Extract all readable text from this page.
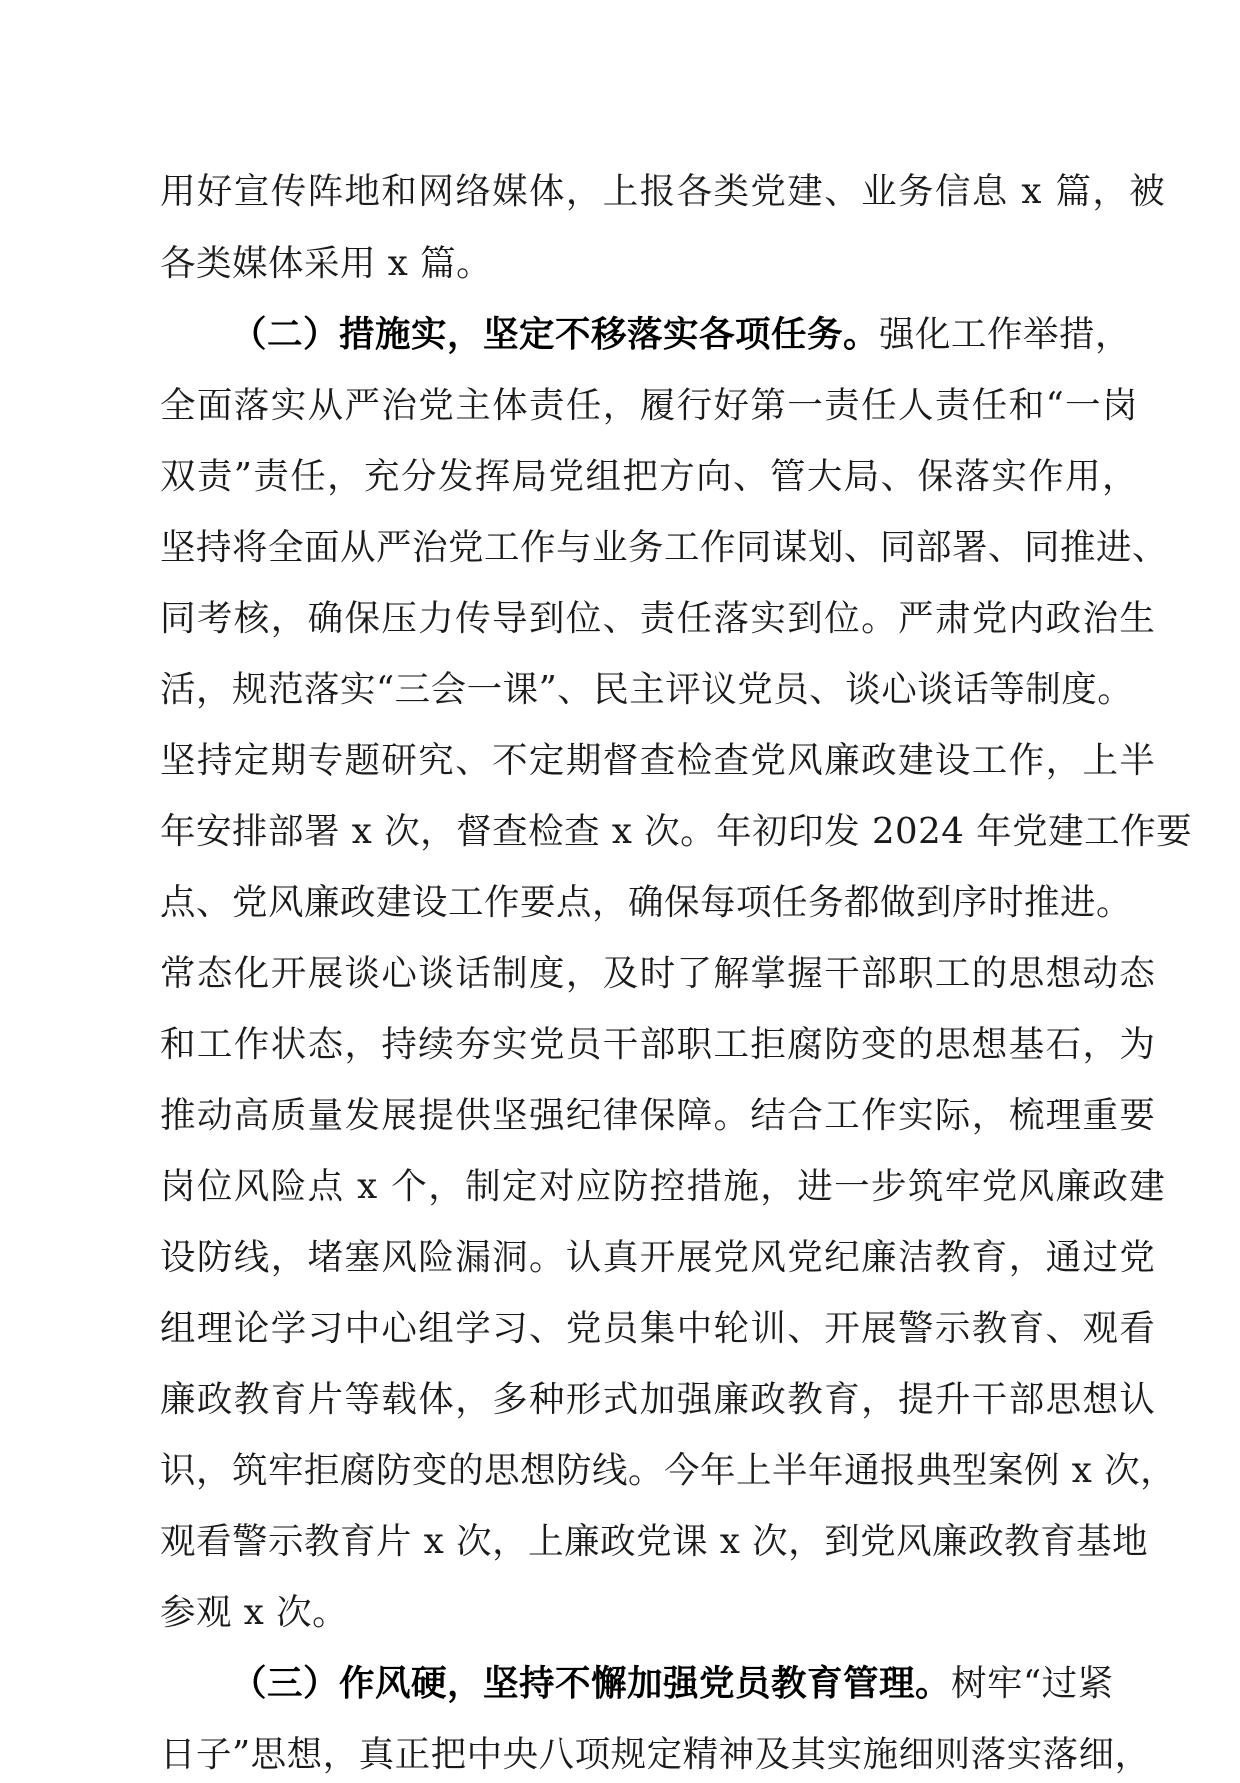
用好宣传阵地和网络媒体，上报各类党建、业务信息 x 篇，被
各类媒体采用 x 篇。
（二）措施实，坚定不移落实各项任务。强化工作举措，
全面落实从严治党主体责任，履行好第一责任人责任和“一岗
双责”责任，充分发挥局党组把方向、管大局、保落实作用，
坚持将全面从严治党工作与业务工作同谋划、同部署、同推进、
同考核，确保压力传导到位、责任落实到位。严肃党内政治生
活，规范落实“三会一课”、民主评议党员、谈心谈话等制度。
坚持定期专题研究、不定期督查检查党风廉政建设工作，上半
年安排部署 x 次，督查检查 x 次。年初印发 2024 年党建工作要
点、党风廉政建设工作要点，确保每项任务都做到序时推进。
常态化开展谈心谈话制度，及时了解掌握干部职工的思想动态
和工作状态，持续夯实党员干部职工拒腐防变的思想基石，为
推动高质量发展提供坚强纪律保障。结合工作实际，梳理重要
岗位风险点 x 个，制定对应防控措施，进一步筑牢党风廉政建
设防线，堵塞风险漏洞。认真开展党风党纪廉洁教育，通过党
组理论学习中心组学习、党员集中轮训、开展警示教育、观看
廉政教育片等载体，多种形式加强廉政教育，提升干部思想认
识，筑牢拒腐防变的思想防线。今年上半年通报典型案例 x 次，
观看警示教育片 x 次，上廉政党课 x 次，到党风廉政教育基地
参观 x 次。
（三）作风硬，坚持不懈加强党员教育管理。树牢“过紧
日子”思想，真正把中央八项规定精神及其实施细则落实落细，
